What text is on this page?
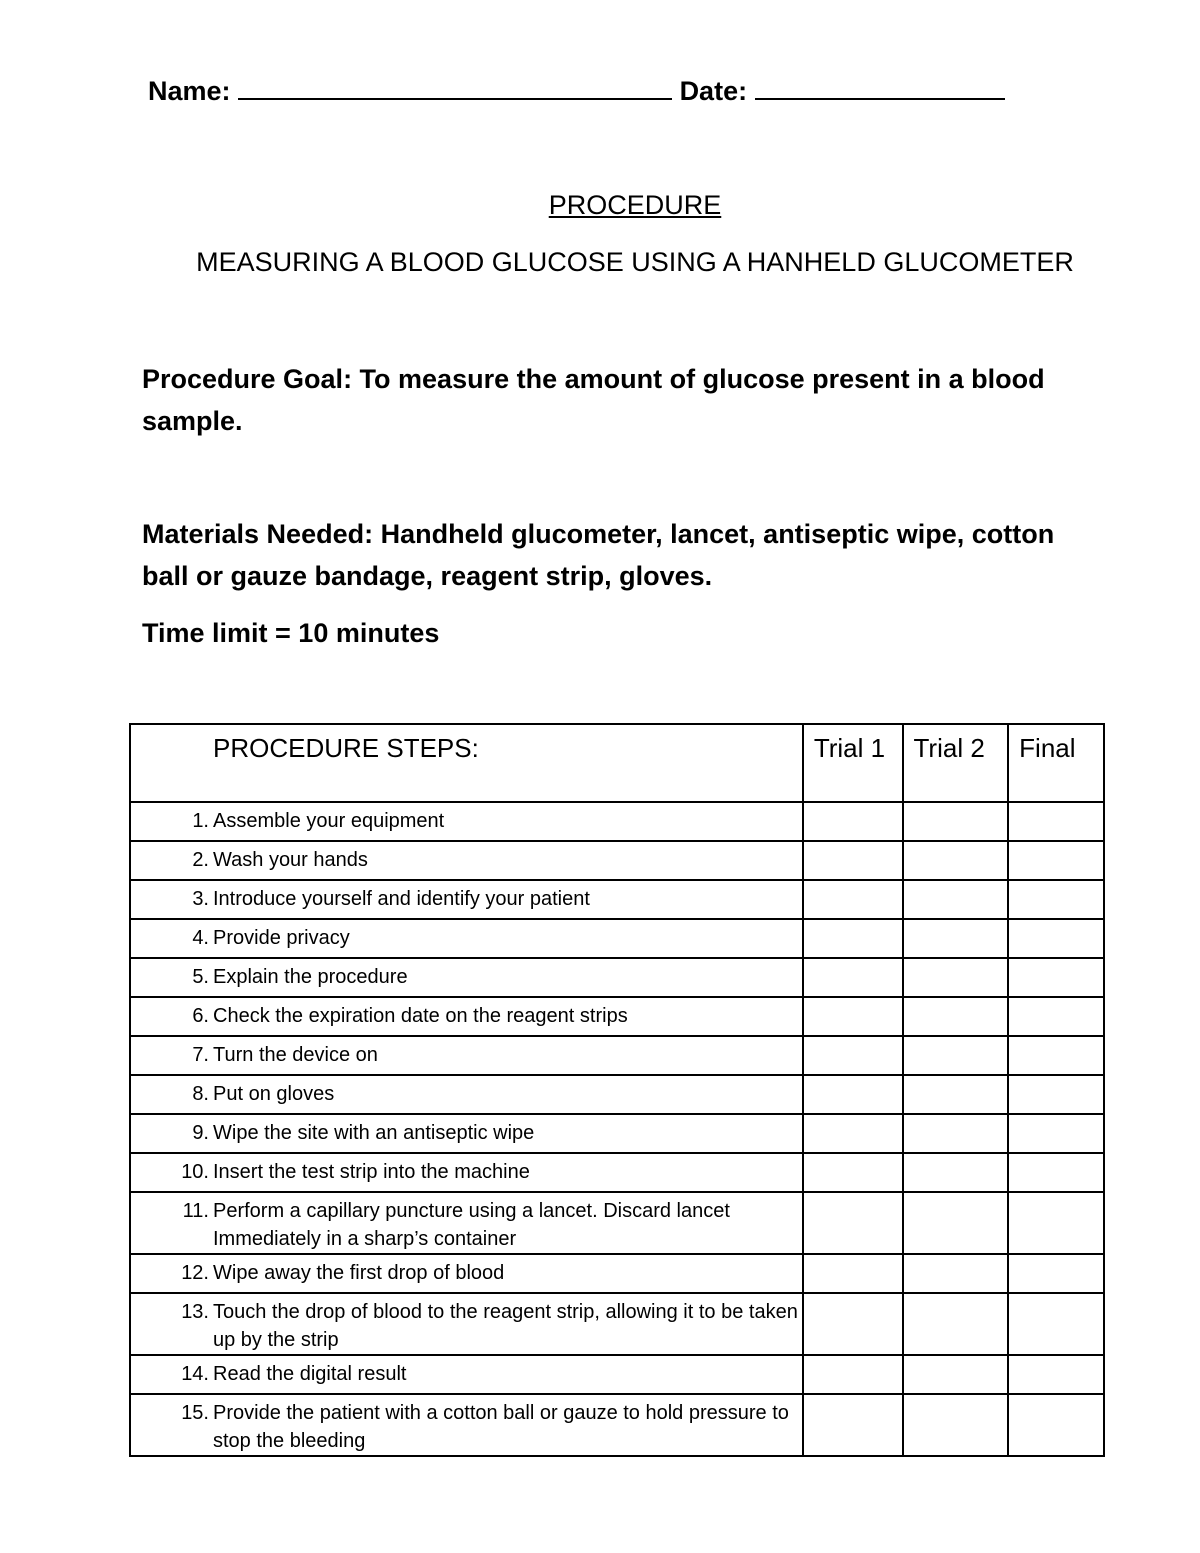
Name:	Date:
PROCEDURE
MEASURING A BLOOD GLUCOSE USING A HANHELD GLUCOMETER
Procedure Goal: To measure the amount of glucose present in a blood sample.
Materials Needed: Handheld glucometer, lancet, antiseptic wipe, cotton ball or gauze bandage, reagent strip, gloves.
Time limit = 10 minutes
PROCEDURE STEPS:	Trial 1	Trial 2	Final

1. Assemble your equipment			

2. Wash your hands			

3. Introduce yourself and identify your patient			

4. Provide privacy			

5. Explain the procedure			

6. Check the expiration date on the reagent strips			

7. Turn the device on			

8. Put on gloves			

9. Wipe the site with an antiseptic wipe			

10. Insert the test strip into the machine			

11. Perform a capillary puncture using a lancet. Discard lancet Immediately in a sharp’s container			

12. Wipe away the first drop of blood			

13. Touch the drop of blood to the reagent strip, allowing it to be taken up by the strip			

14. Read the digital result			

15. Provide the patient with a cotton ball or gauze to hold pressure to stop the bleeding			
